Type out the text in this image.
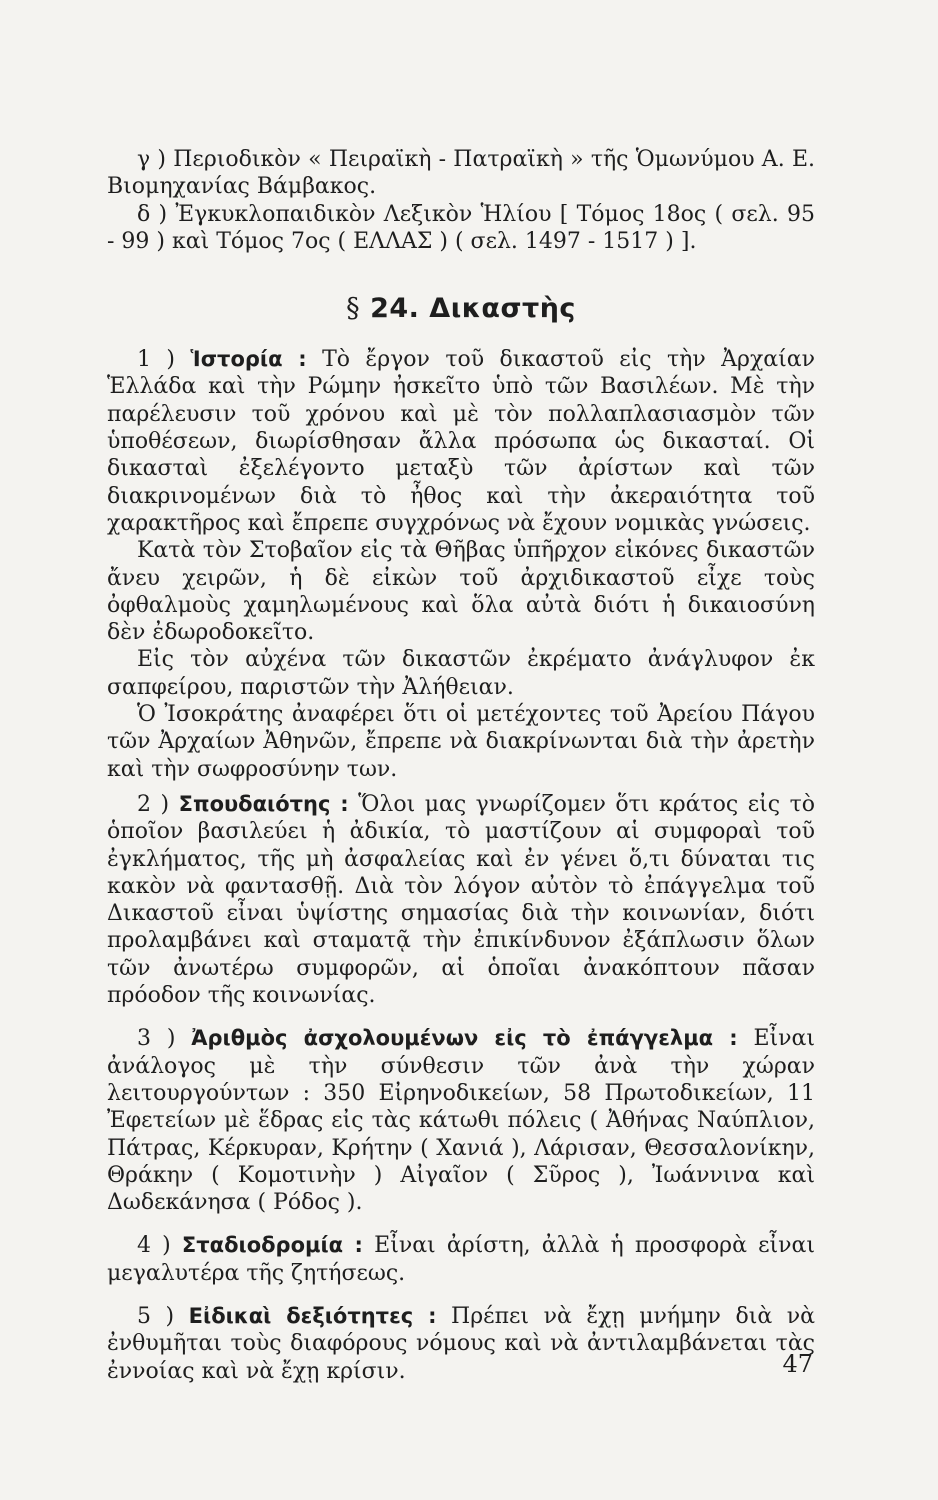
γ ) Περιοδικὸν « Πειραϊκὴ - Πατραϊκὴ » τῆς Ὁμωνύμου Α. Ε. Βιομηχανίας Βάμβακος.

δ ) Ἐγκυκλοπαιδικὸν Λεξικὸν Ἡλίου [ Τόμος 18ος ( σελ. 95 - 99 ) καὶ Τόμος 7ος ( ΕΛΛΑΣ ) ( σελ. 1497 - 1517 ) ].

§ 24. Δικαστὴς

1 ) Ἱστορία : Τὸ ἔργον τοῦ δικαστοῦ εἰς τὴν Ἀρχαίαν Ἑλλάδα καὶ τὴν Ρώμην ἠσκεῖτο ὑπὸ τῶν Βασιλέων. Μὲ τὴν παρέλευσιν τοῦ χρόνου καὶ μὲ τὸν πολλαπλασιασμὸν τῶν ὑποθέσεων, διωρίσθησαν ἄλλα πρόσωπα ὡς δικασταί. Οἱ δικασταὶ ἐξελέγοντο μεταξὺ τῶν ἀρίστων καὶ τῶν διακρινομένων διὰ τὸ ἦθος καὶ τὴν ἀκεραιότητα τοῦ χαρακτῆρος καὶ ἔπρεπε συγχρόνως νὰ ἔχουν νομικὰς γνώσεις.

Κατὰ τὸν Στοβαῖον εἰς τὰ Θῆβας ὑπῆρχον εἰκόνες δικαστῶν ἄνευ χειρῶν, ἡ δὲ εἰκὼν τοῦ ἀρχιδικαστοῦ εἶχε τοὺς ὀφθαλμοὺς χαμηλωμένους καὶ ὅλα αὐτὰ διότι ἡ δικαιοσύνη δὲν ἐδωροδοκεῖτο.

Εἰς τὸν αὐχένα τῶν δικαστῶν ἐκρέματο ἀνάγλυφον ἐκ σαπφείρου, παριστῶν τὴν Ἀλήθειαν.

Ὁ Ἰσοκράτης ἀναφέρει ὅτι οἱ μετέχοντες τοῦ Ἀρείου Πάγου τῶν Ἀρχαίων Ἀθηνῶν, ἔπρεπε νὰ διακρίνωνται διὰ τὴν ἀρετὴν καὶ τὴν σωφροσύνην των.

2 ) Σπουδαιότης : Ὅλοι μας γνωρίζομεν ὅτι κράτος εἰς τὸ ὁποῖον βασιλεύει ἡ ἀδικία, τὸ μαστίζουν αἱ συμφοραὶ τοῦ ἐγκλήματος, τῆς μὴ ἀσφαλείας καὶ ἐν γένει ὅ,τι δύναται τις κακὸν νὰ φαντασθῇ. Διὰ τὸν λόγον αὐτὸν τὸ ἐπάγγελμα τοῦ Δικαστοῦ εἶναι ὑψίστης σημασίας διὰ τὴν κοινωνίαν, διότι προλαμβάνει καὶ σταματᾷ τὴν ἐπικίνδυνον ἐξάπλωσιν ὅλων τῶν ἀνωτέρω συμφορῶν, αἱ ὁποῖαι ἀνακόπτουν πᾶσαν πρόοδον τῆς κοινωνίας.

3 ) Ἀριθμὸς ἀσχολουμένων εἰς τὸ ἐπάγγελμα : Εἶναι ἀνάλογος μὲ τὴν σύνθεσιν τῶν ἀνὰ τὴν χώραν λειτουργούντων : 350 Εἰρηνοδικείων, 58 Πρωτοδικείων, 11 Ἐφετείων μὲ ἕδρας εἰς τὰς κάτωθι πόλεις ( Ἀθήνας Ναύπλιον, Πάτρας, Κέρκυραν, Κρήτην ( Χανιά ), Λάρισαν, Θεσσαλονίκην, Θράκην ( Κομοτινὴν ) Αἰγαῖον ( Σῦρος ), Ἰωάννινα καὶ Δωδεκάνησα ( Ρόδος ).

4 ) Σταδιοδρομία : Εἶναι ἀρίστη, ἀλλὰ ἡ προσφορὰ εἶναι μεγαλυτέρα τῆς ζητήσεως.

5 ) Εἰδικαὶ δεξιότητες : Πρέπει νὰ ἔχῃ μνήμην διὰ νὰ ἐνθυμῆται τοὺς διαφόρους νόμους καὶ νὰ ἀντιλαμβάνεται τὰς ἐννοίας καὶ νὰ ἔχῃ κρίσιν.	47
